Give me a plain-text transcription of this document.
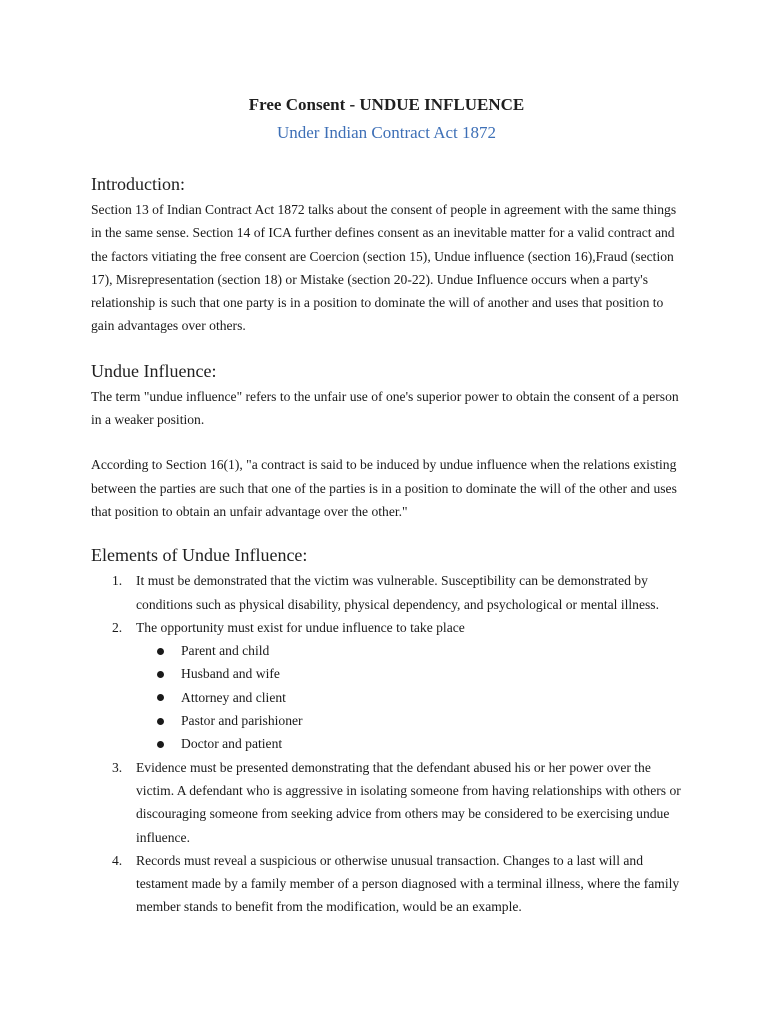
Free Consent - UNDUE INFLUENCE
Under Indian Contract Act 1872
Introduction:

Section 13 of Indian Contract Act 1872 talks about the consent of people in agreement with the same things in the same sense. Section 14 of ICA further defines consent as an inevitable matter for a valid contract and the factors vitiating the free consent are Coercion (section 15), Undue influence (section 16),Fraud (section 17), Misrepresentation (section 18) or Mistake (section 20-22). Undue Influence occurs when a party's relationship is such that one party is in a position to dominate the will of another and uses that position to gain advantages over others.

Undue Influence:

The term "undue influence" refers to the unfair use of one's superior power to obtain the consent of a person in a weaker position.

According to Section 16(1), "a contract is said to be induced by undue influence when the relations existing between the parties are such that one of the parties is in a position to dominate the will of the other and uses that position to obtain an unfair advantage over the other."

Elements of Undue Influence:
1. It must be demonstrated that the victim was vulnerable. Susceptibility can be demonstrated by conditions such as physical disability, physical dependency, and psychological or mental illness.
2. The opportunity must exist for undue influence to take place
Parent and child
Husband and wife
Attorney and client
Pastor and parishioner
Doctor and patient
3. Evidence must be presented demonstrating that the defendant abused his or her power over the victim. A defendant who is aggressive in isolating someone from having relationships with others or discouraging someone from seeking advice from others may be considered to be exercising undue influence.
4. Records must reveal a suspicious or otherwise unusual transaction. Changes to a last will and testament made by a family member of a person diagnosed with a terminal illness, where the family member stands to benefit from the modification, would be an example.
